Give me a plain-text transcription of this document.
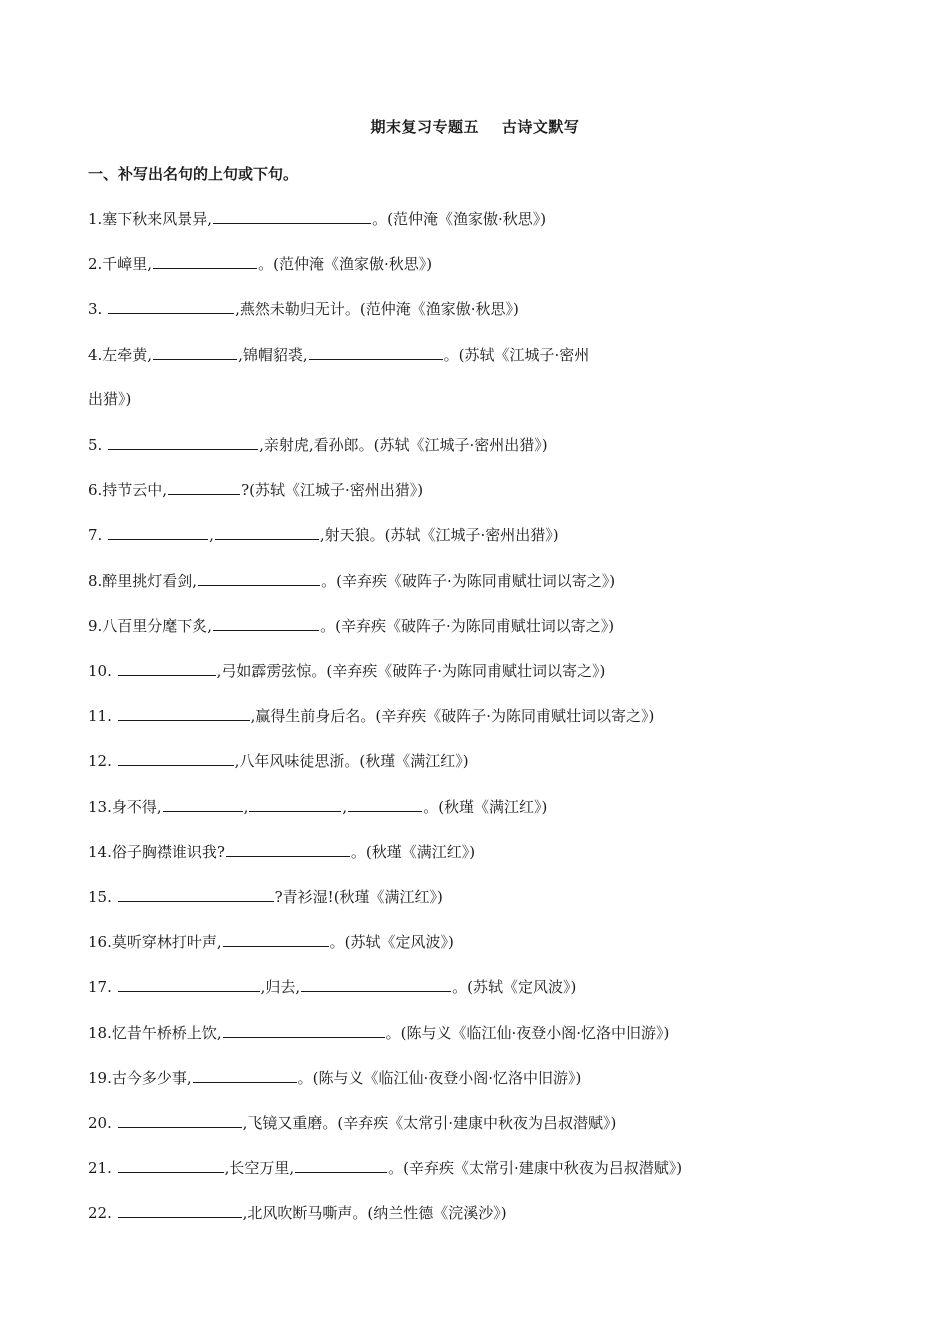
期末复习专题五    古诗文默写
一、补写出名句的上句或下句。
1.塞下秋来风景异,	。(范仲淹《渔家傲·秋思》)
2.千嶂里,	。(范仲淹《渔家傲·秋思》)
3.	,燕然未勒归无计。(范仲淹《渔家傲·秋思》)
4.左牵黄,	,锦帽貂裘,	。(苏轼《江城子·密州
出猎》)
5.	,亲射虎,看孙郎。(苏轼《江城子·密州出猎》)
6.持节云中,	?(苏轼《江城子·密州出猎》)
7.	,	,射天狼。(苏轼《江城子·密州出猎》)
8.醉里挑灯看剑,	。(辛弃疾《破阵子·为陈同甫赋壮词以寄之》)
9.八百里分麾下炙,	。(辛弃疾《破阵子·为陈同甫赋壮词以寄之》)
10.	,弓如霹雳弦惊。(辛弃疾《破阵子·为陈同甫赋壮词以寄之》)
11.	,赢得生前身后名。(辛弃疾《破阵子·为陈同甫赋壮词以寄之》)
12.	,八年风味徒思浙。(秋瑾《满江红》)
13.身不得,	,	,	。(秋瑾《满江红》)
14.俗子胸襟谁识我?	。(秋瑾《满江红》)
15.	?青衫湿!(秋瑾《满江红》)
16.莫听穿林打叶声,	。(苏轼《定风波》)
17.	,归去,	。(苏轼《定风波》)
18.忆昔午桥桥上饮,	。(陈与义《临江仙·夜登小阁·忆洛中旧游》)
19.古今多少事,	。(陈与义《临江仙·夜登小阁·忆洛中旧游》)
20.	,飞镜又重磨。(辛弃疾《太常引·建康中秋夜为吕叔潜赋》)
21.	,长空万里,	。(辛弃疾《太常引·建康中秋夜为吕叔潜赋》)
22.	,北风吹断马嘶声。(纳兰性德《浣溪沙》)
